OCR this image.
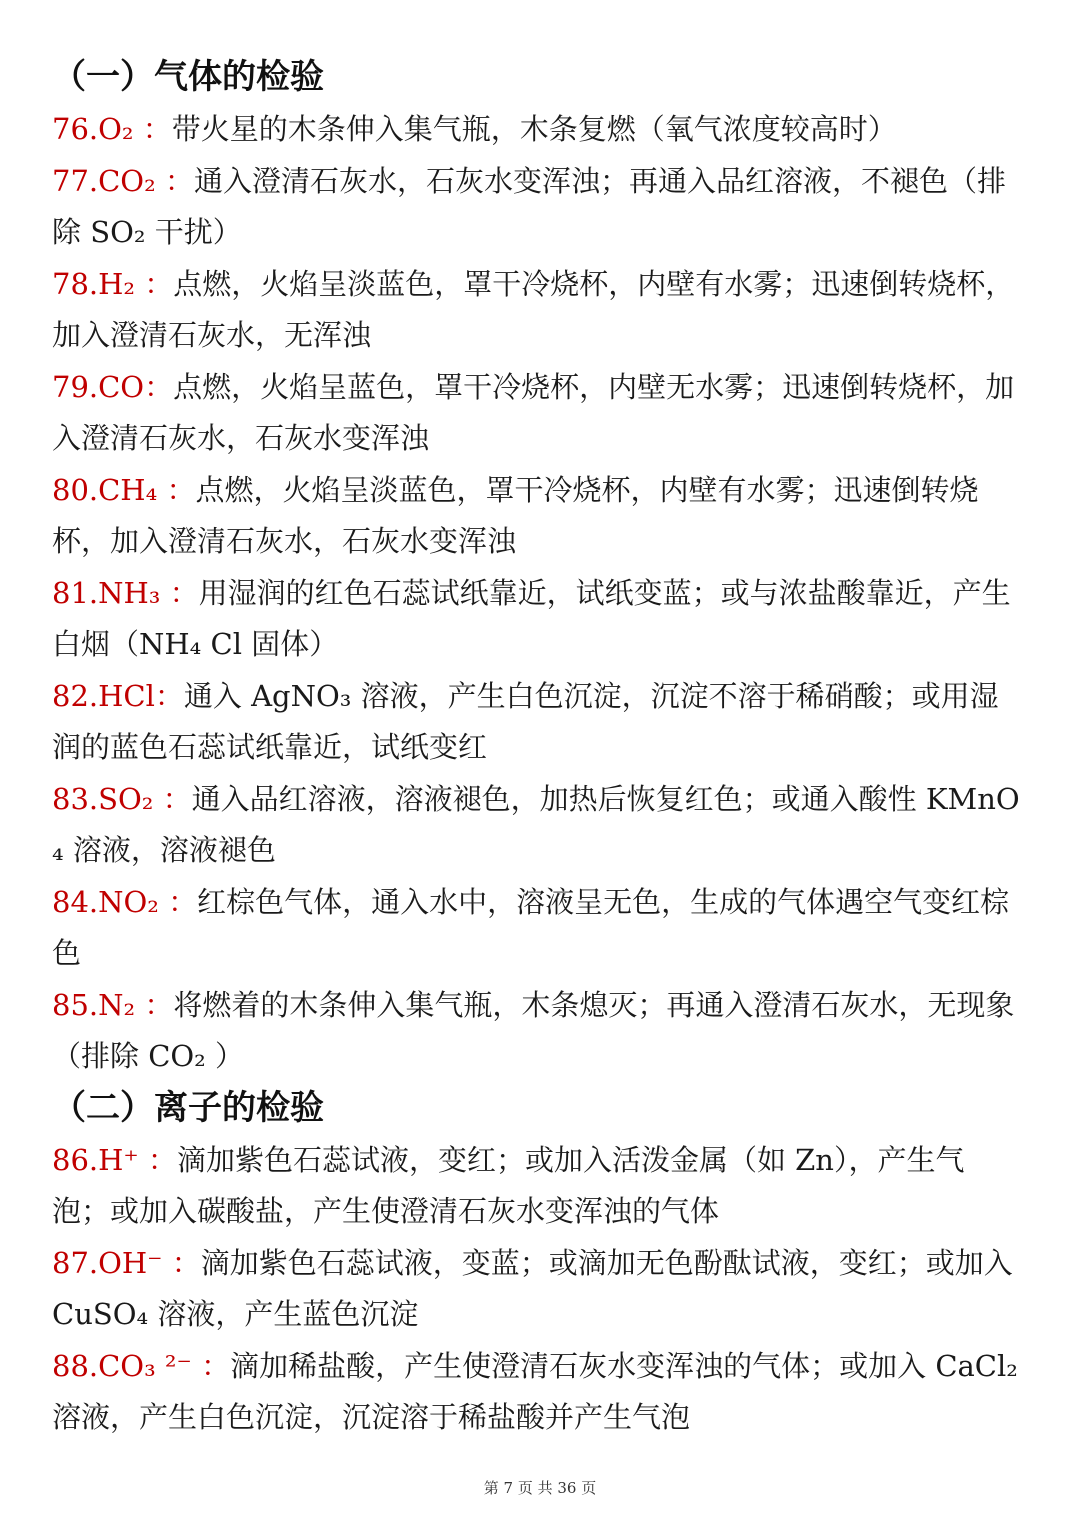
（一）气体的检验

76.O₂ ：带火星的木条伸入集气瓶，木条复燃（氧气浓度较高时）

77.CO₂ ：通入澄清石灰水，石灰水变浑浊；再通入品红溶液，不褪色（排除 SO₂ 干扰）

78.H₂ ：点燃，火焰呈淡蓝色，罩干冷烧杯，内壁有水雾；迅速倒转烧杯，加入澄清石灰水，无浑浊

79.CO：点燃，火焰呈蓝色，罩干冷烧杯，内壁无水雾；迅速倒转烧杯，加入澄清石灰水，石灰水变浑浊

80.CH₄ ：点燃，火焰呈淡蓝色，罩干冷烧杯，内壁有水雾；迅速倒转烧杯，加入澄清石灰水，石灰水变浑浊

81.NH₃ ：用湿润的红色石蕊试纸靠近，试纸变蓝；或与浓盐酸靠近，产生白烟（NH₄ Cl 固体）

82.HCl：通入 AgNO₃ 溶液，产生白色沉淀，沉淀不溶于稀硝酸；或用湿润的蓝色石蕊试纸靠近，试纸变红

83.SO₂ ：通入品红溶液，溶液褪色，加热后恢复红色；或通入酸性 KMnO₄ 溶液，溶液褪色

84.NO₂ ：红棕色气体，通入水中，溶液呈无色，生成的气体遇空气变红棕色

85.N₂ ：将燃着的木条伸入集气瓶，木条熄灭；再通入澄清石灰水，无现象（排除 CO₂ ）

（二）离子的检验

86.H⁺ ：滴加紫色石蕊试液，变红；或加入活泼金属（如 Zn），产生气泡；或加入碳酸盐，产生使澄清石灰水变浑浊的气体

87.OH⁻ ：滴加紫色石蕊试液，变蓝；或滴加无色酚酞试液，变红；或加入 CuSO₄ 溶液，产生蓝色沉淀

88.CO₃ ²⁻ ：滴加稀盐酸，产生使澄清石灰水变浑浊的气体；或加入 CaCl₂ 溶液，产生白色沉淀，沉淀溶于稀盐酸并产生气泡

第 7 页 共 36 页
